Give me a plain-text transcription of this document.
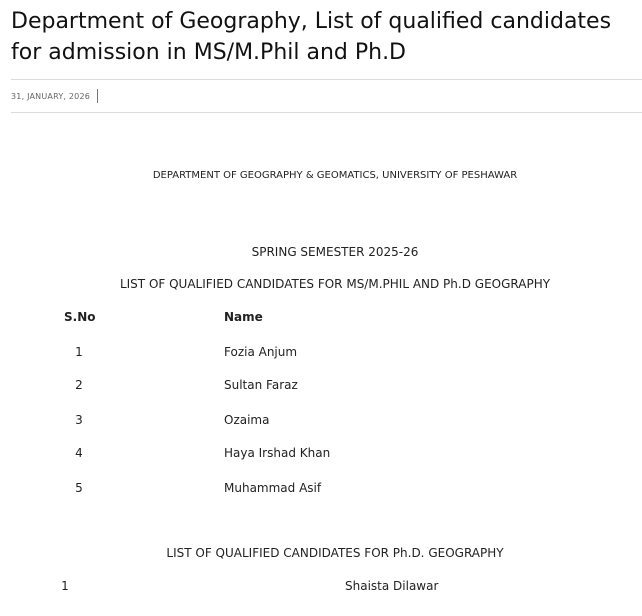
Department of Geography, List of qualified candidates for admission in MS/M.Phil and Ph.D
31, JANUARY, 2026
DEPARTMENT OF GEOGRAPHY & GEOMATICS, UNIVERSITY OF PESHAWAR
SPRING SEMESTER 2025-26
LIST OF QUALIFIED CANDIDATES FOR MS/M.PHIL AND Ph.D GEOGRAPHY
S.No	Name
1	Fozia Anjum
2	Sultan Faraz
3	Ozaima
4	Haya Irshad Khan
5	Muhammad Asif
LIST OF QUALIFIED CANDIDATES FOR Ph.D. GEOGRAPHY
1	Shaista Dilawar
